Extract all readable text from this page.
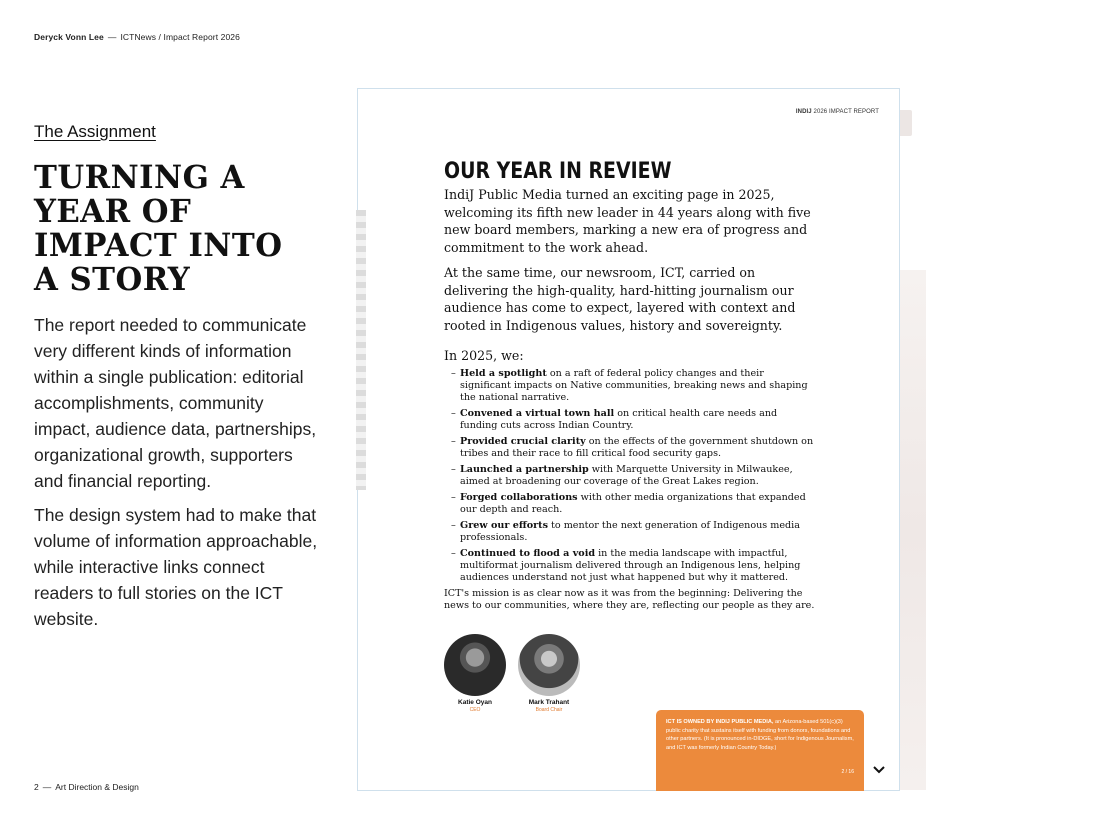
Deryck Vonn Lee — ICTNews / Impact Report 2026
The Assignment
TURNING A
YEAR OF
IMPACT INTO
A STORY

The report needed to communicate very different kinds of information within a single publication: editorial accomplishments, community impact, audience data, partnerships, organizational growth, supporters and financial reporting.

The design system had to make that volume of information approachable, while interactive links connect readers to full stories on the ICT website.

2 — Art Direction & Design
INDIJ 2026 IMPACT REPORT
OUR YEAR IN REVIEW

IndiJ Public Media turned an exciting page in 2025, welcoming its fifth new leader in 44 years along with five new board members, marking a new era of progress and commitment to the work ahead.

At the same time, our newsroom, ICT, carried on delivering the high-quality, hard-hitting journalism our audience has come to expect, layered with context and rooted in Indigenous values, history and sovereignty.

In 2025, we:

– Held a spotlight on a raft of federal policy changes and their significant impacts on Native communities, breaking news and shaping the national narrative.
– Convened a virtual town hall on critical health care needs and funding cuts across Indian Country.
– Provided crucial clarity on the effects of the government shutdown on tribes and their race to fill critical food security gaps.
– Launched a partnership with Marquette University in Milwaukee, aimed at broadening our coverage of the Great Lakes region.
– Forged collaborations with other media organizations that expanded our depth and reach.
– Grew our efforts to mentor the next generation of Indigenous media professionals.
– Continued to flood a void in the media landscape with impactful, multiformat journalism delivered through an Indigenous lens, helping audiences understand not just what happened but why it mattered.

ICT's mission is as clear now as it was from the beginning: Delivering the news to our communities, where they are, reflecting our people as they are.

Katie Oyan
CEO
Mark Trahant
Board Chair

ICT IS OWNED BY INDIJ PUBLIC MEDIA, an Arizona-based 501(c)(3) public charity that sustains itself with funding from donors, foundations and other partners. (It is pronounced in-DIDGE, short for Indigenous Journalism, and ICT was formerly Indian Country Today.)

2 / 16
